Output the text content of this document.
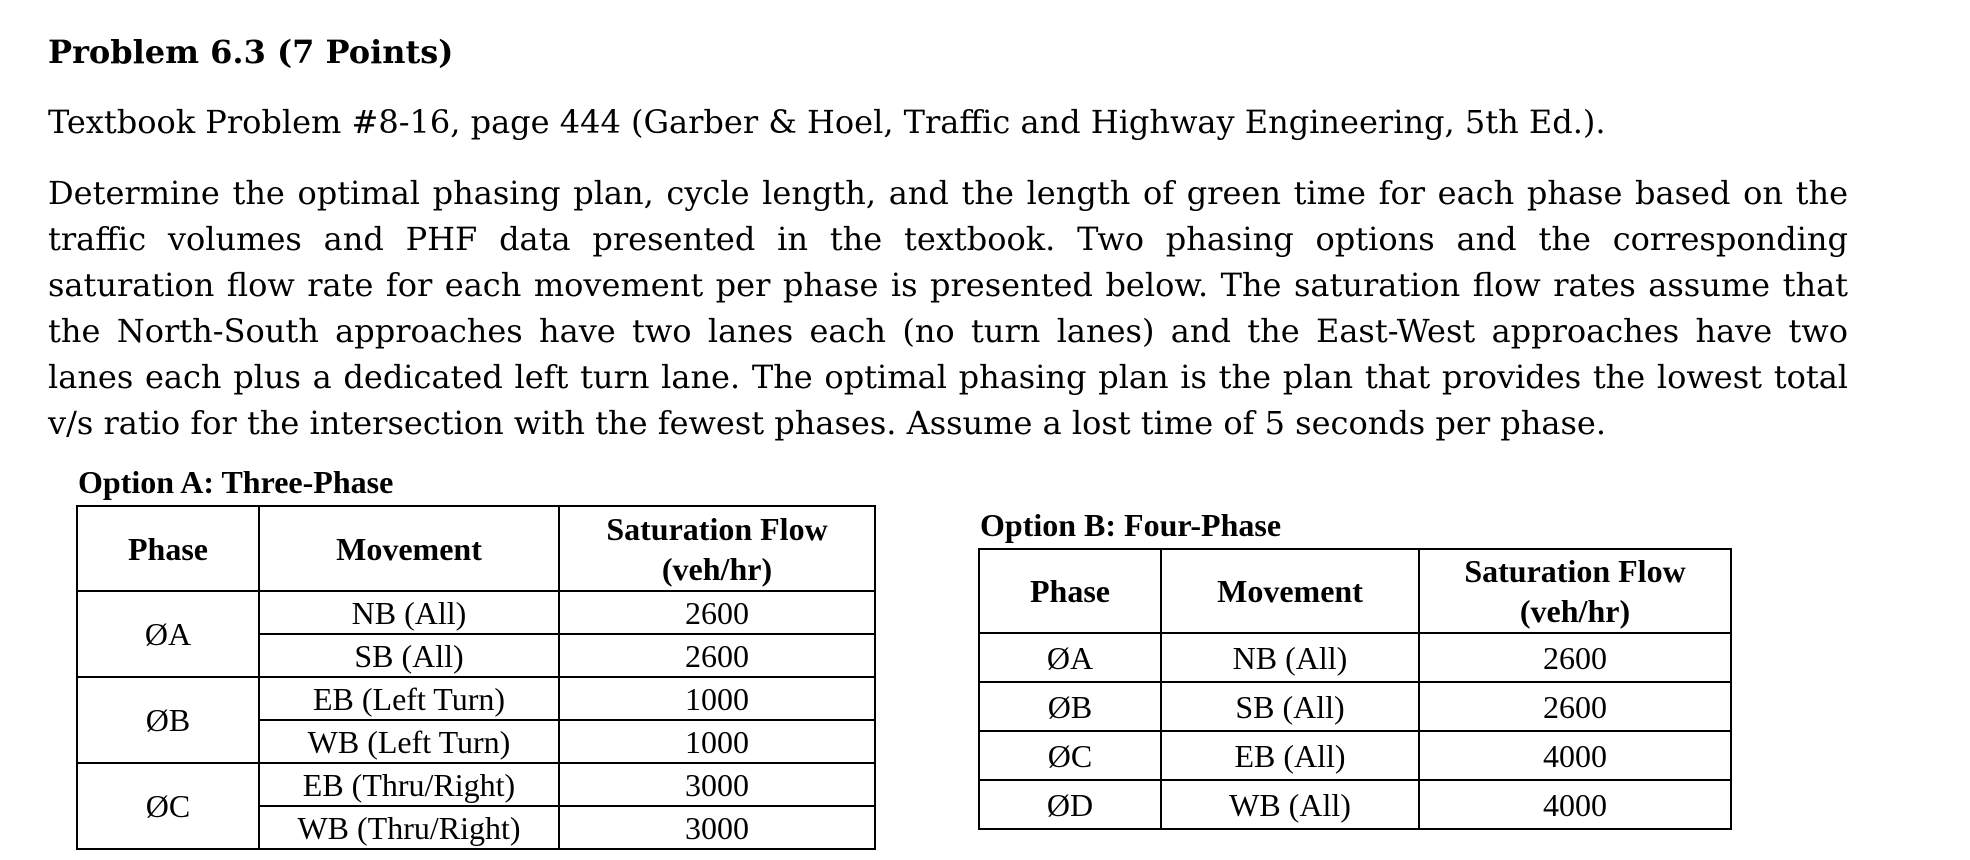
Problem 6.3 (7 Points)

Textbook Problem #8-16, page 444 (Garber & Hoel, Traffic and Highway Engineering, 5th Ed.).

Determine the optimal phasing plan, cycle length, and the length of green time for each phase based on the traffic volumes and PHF data presented in the textbook. Two phasing options and the corresponding saturation flow rate for each movement per phase is presented below. The saturation flow rates assume that the North-South approaches have two lanes each (no turn lanes) and the East-West approaches have two lanes each plus a dedicated left turn lane. The optimal phasing plan is the plan that provides the lowest total v/s ratio for the intersection with the fewest phases. Assume a lost time of 5 seconds per phase.

Option A: Three-Phase
Phase	Movement	Saturation Flow
(veh/hr)
ØA	NB (All)	2600
	SB (All)	2600
ØB	EB (Left Turn)	1000
	WB (Left Turn)	1000
ØC	EB (Thru/Right)	3000
	WB (Thru/Right)	3000
Option B: Four-Phase
Phase	Movement	Saturation Flow
(veh/hr)
ØA	NB (All)	2600
ØB	SB (All)	2600
ØC	EB (All)	4000
ØD	WB (All)	4000
